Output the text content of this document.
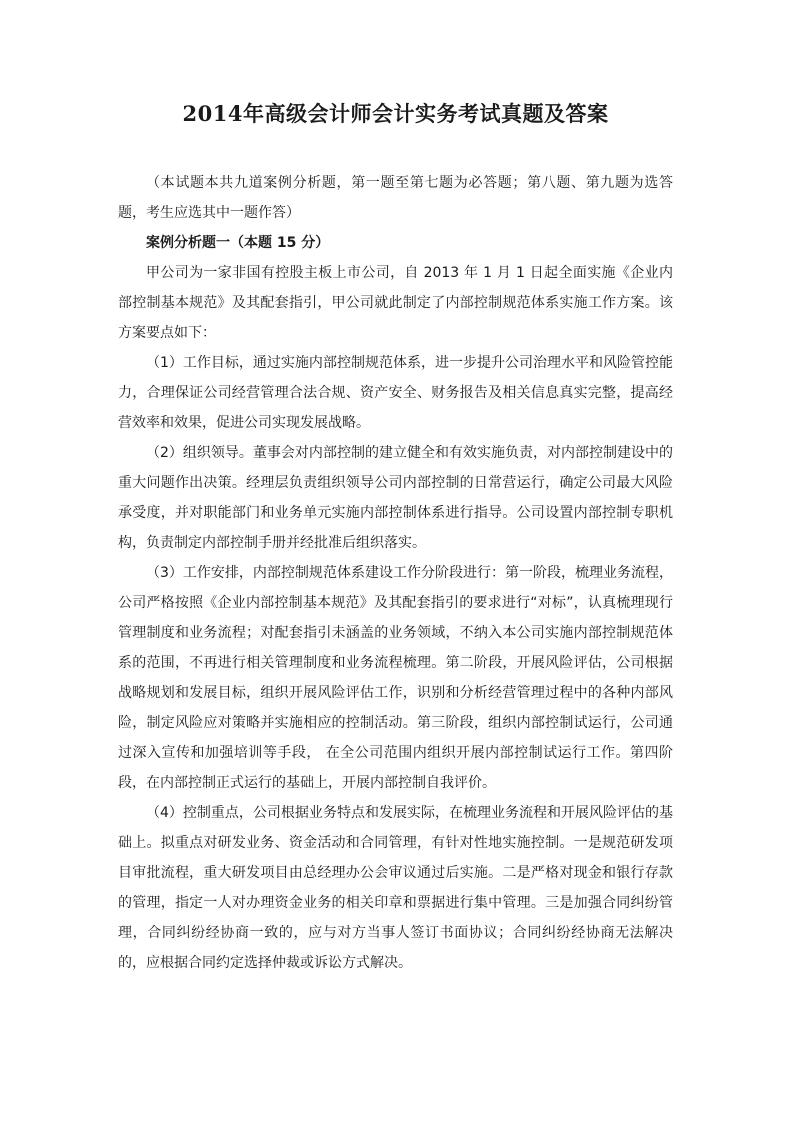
2014年高级会计师会计实务考试真题及答案

（本试题本共九道案例分析题，第一题至第七题为必答题；第八题、第九题为选答题，考生应选其中一题作答）

案例分析题一（本题 15 分）

甲公司为一家非国有控股主板上市公司，自 2013 年 1 月 1 日起全面实施《企业内部控制基本规范》及其配套指引，甲公司就此制定了内部控制规范体系实施工作方案。该方案要点如下：

（1）工作目标，通过实施内部控制规范体系，进一步提升公司治理水平和风险管控能力，合理保证公司经营管理合法合规、资产安全、财务报告及相关信息真实完整，提高经营效率和效果，促进公司实现发展战略。

（2）组织领导。董事会对内部控制的建立健全和有效实施负责，对内部控制建设中的重大问题作出决策。经理层负责组织领导公司内部控制的日常营运行，确定公司最大风险承受度，并对职能部门和业务单元实施内部控制体系进行指导。公司设置内部控制专职机构，负责制定内部控制手册并经批准后组织落实。

（3）工作安排，内部控制规范体系建设工作分阶段进行：第一阶段，梳理业务流程，公司严格按照《企业内部控制基本规范》及其配套指引的要求进行“对标”，认真梳理现行管理制度和业务流程；对配套指引未涵盖的业务领域，不纳入本公司实施内部控制规范体系的范围，不再进行相关管理制度和业务流程梳理。第二阶段，开展风险评估，公司根据战略规划和发展目标，组织开展风险评估工作，识别和分析经营管理过程中的各种内部风险，制定风险应对策略并实施相应的控制活动。第三阶段，组织内部控制试运行，公司通过深入宣传和加强培训等手段， 在全公司范围内组织开展内部控制试运行工作。第四阶段，在内部控制正式运行的基础上，开展内部控制自我评价。

（4）控制重点，公司根据业务特点和发展实际，在梳理业务流程和开展风险评估的基础上。拟重点对研发业务、资金活动和合同管理，有针对性地实施控制。一是规范研发项目审批流程，重大研发项目由总经理办公会审议通过后实施。二是严格对现金和银行存款的管理，指定一人对办理资金业务的相关印章和票据进行集中管理。三是加强合同纠纷管理，合同纠纷经协商一致的，应与对方当事人签订书面协议；合同纠纷经协商无法解决的，应根据合同约定选择仲裁或诉讼方式解决。
